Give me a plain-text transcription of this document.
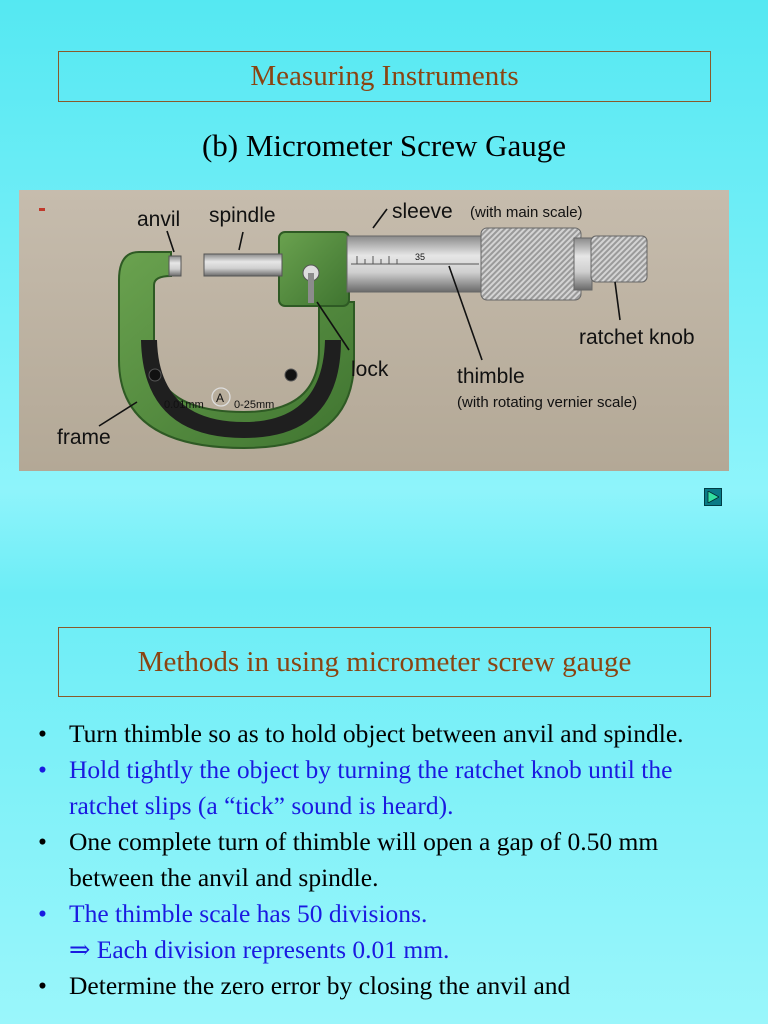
Measuring Instruments
(b) Micrometer Screw Gauge
0.01mm A 0-25mm
35
anvil spindle	sleeve (with main scale)
ratchet knob
lock	thimble
(with rotating vernier scale)
frame
Methods in using micrometer screw gauge
• Turn thimble so as to hold object between anvil and spindle.
• Hold tightly the object by turning the ratchet knob until the ratchet slips (a “tick” sound is heard).
• One complete turn of thimble will open a gap of 0.50 mm between the anvil and spindle.
• The thimble scale has 50 divisions.
⇒ Each division represents 0.01 mm.
• Determine the zero error by closing the anvil and
